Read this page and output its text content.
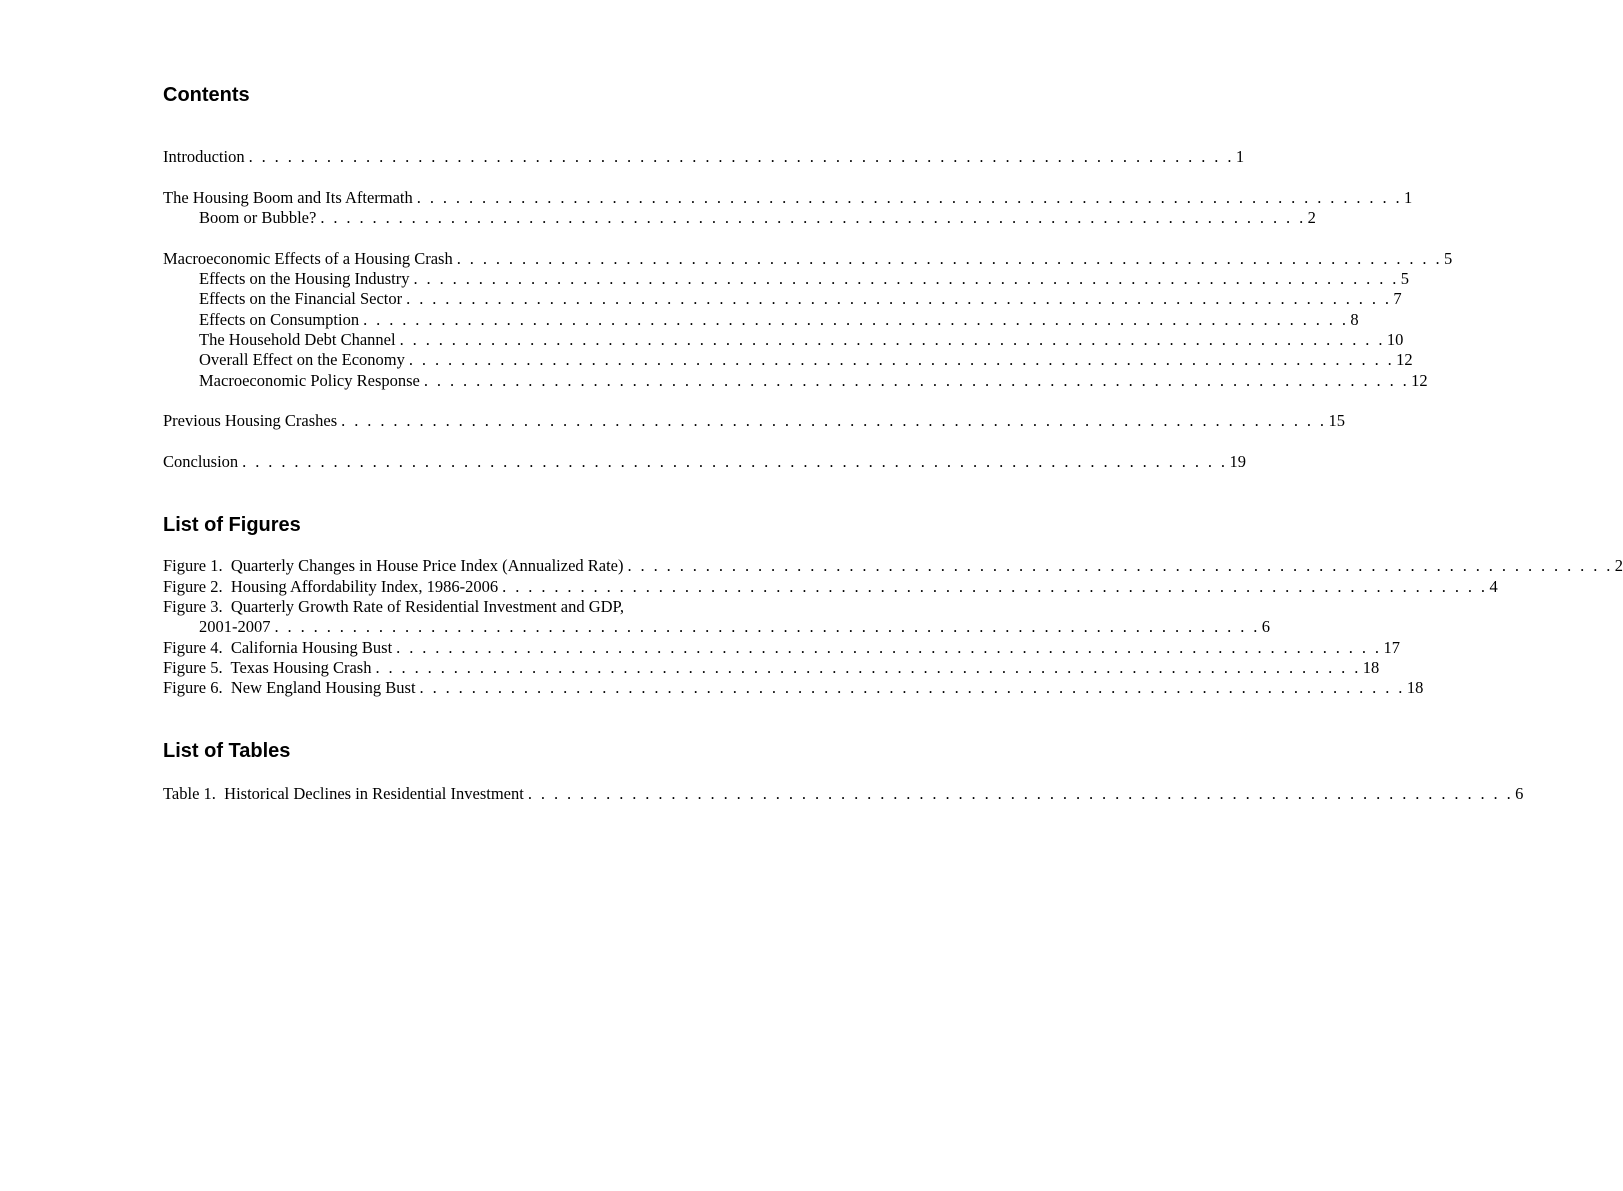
Contents
Introduction . . . . . . . . . . . . . . . . . . . . . . . . . . . . . . . . . . . . . . . . . . . . . . . . . . . . . . . . . . . . . . . . . . . . . . . . . . . . 1
The Housing Boom and Its Aftermath . . . . . . . . . . . . . . . . . . . . . . . . . . . . . . . . . . . . . . . . . . . . . . . . . . . . . . . . . . . . . . . . . . . . . . . . . . . . 1
Boom or Bubble? . . . . . . . . . . . . . . . . . . . . . . . . . . . . . . . . . . . . . . . . . . . . . . . . . . . . . . . . . . . . . . . . . . . . . . . . . . . . 2
Macroeconomic Effects of a Housing Crash . . . . . . . . . . . . . . . . . . . . . . . . . . . . . . . . . . . . . . . . . . . . . . . . . . . . . . . . . . . . . . . . . . . . . . . . . . . . 5
Effects on the Housing Industry . . . . . . . . . . . . . . . . . . . . . . . . . . . . . . . . . . . . . . . . . . . . . . . . . . . . . . . . . . . . . . . . . . . . . . . . . . . . 5
Effects on the Financial Sector . . . . . . . . . . . . . . . . . . . . . . . . . . . . . . . . . . . . . . . . . . . . . . . . . . . . . . . . . . . . . . . . . . . . . . . . . . . . 7
Effects on Consumption . . . . . . . . . . . . . . . . . . . . . . . . . . . . . . . . . . . . . . . . . . . . . . . . . . . . . . . . . . . . . . . . . . . . . . . . . . . . 8
The Household Debt Channel . . . . . . . . . . . . . . . . . . . . . . . . . . . . . . . . . . . . . . . . . . . . . . . . . . . . . . . . . . . . . . . . . . . . . . . . . . . . 10
Overall Effect on the Economy . . . . . . . . . . . . . . . . . . . . . . . . . . . . . . . . . . . . . . . . . . . . . . . . . . . . . . . . . . . . . . . . . . . . . . . . . . . . 12
Macroeconomic Policy Response . . . . . . . . . . . . . . . . . . . . . . . . . . . . . . . . . . . . . . . . . . . . . . . . . . . . . . . . . . . . . . . . . . . . . . . . . . . . 12
Previous Housing Crashes . . . . . . . . . . . . . . . . . . . . . . . . . . . . . . . . . . . . . . . . . . . . . . . . . . . . . . . . . . . . . . . . . . . . . . . . . . . . 15
Conclusion . . . . . . . . . . . . . . . . . . . . . . . . . . . . . . . . . . . . . . . . . . . . . . . . . . . . . . . . . . . . . . . . . . . . . . . . . . . . 19
List of Figures
Figure 1.  Quarterly Changes in House Price Index (Annualized Rate) . . . . . . . . . . . . . . . . . . . . . . . . . . . . . . . . . . . . . . . . . . . . . . . . . . . . . . . . . . . . . . . . . . . . . . . . . . . . 2
Figure 2.  Housing Affordability Index, 1986-2006 . . . . . . . . . . . . . . . . . . . . . . . . . . . . . . . . . . . . . . . . . . . . . . . . . . . . . . . . . . . . . . . . . . . . . . . . . . . . 4
Figure 3.  Quarterly Growth Rate of Residential Investment and GDP,
2001-2007 . . . . . . . . . . . . . . . . . . . . . . . . . . . . . . . . . . . . . . . . . . . . . . . . . . . . . . . . . . . . . . . . . . . . . . . . . . . . 6
Figure 4.  California Housing Bust . . . . . . . . . . . . . . . . . . . . . . . . . . . . . . . . . . . . . . . . . . . . . . . . . . . . . . . . . . . . . . . . . . . . . . . . . . . . 17
Figure 5.  Texas Housing Crash . . . . . . . . . . . . . . . . . . . . . . . . . . . . . . . . . . . . . . . . . . . . . . . . . . . . . . . . . . . . . . . . . . . . . . . . . . . . 18
Figure 6.  New England Housing Bust . . . . . . . . . . . . . . . . . . . . . . . . . . . . . . . . . . . . . . . . . . . . . . . . . . . . . . . . . . . . . . . . . . . . . . . . . . . . 18
List of Tables
Table 1.  Historical Declines in Residential Investment . . . . . . . . . . . . . . . . . . . . . . . . . . . . . . . . . . . . . . . . . . . . . . . . . . . . . . . . . . . . . . . . . . . . . . . . . . . . 6
